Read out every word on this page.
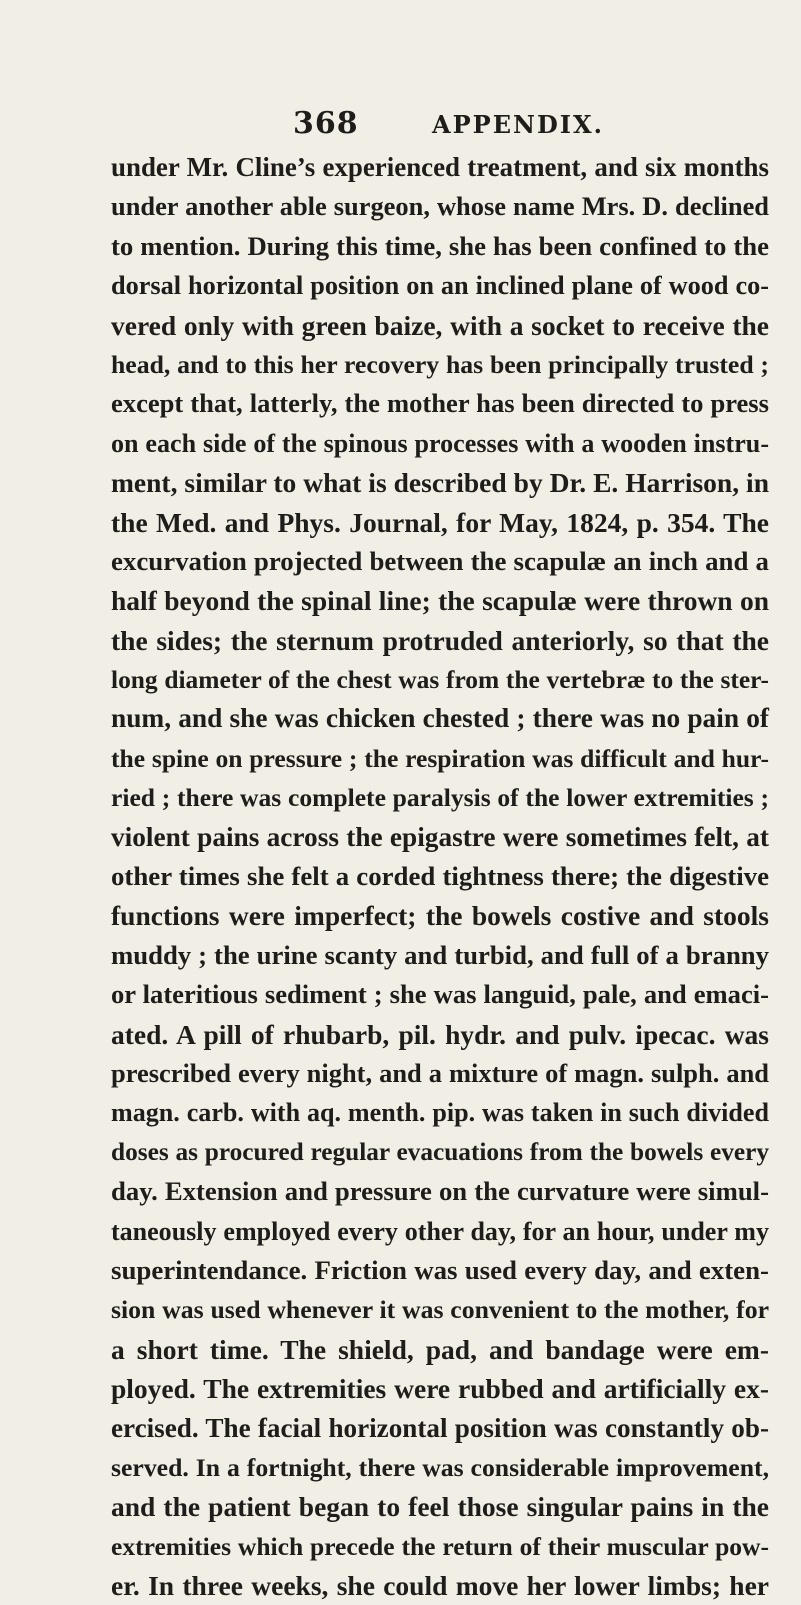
368	APPENDIX.
under Mr. Cline’s experienced treatment, and six months
under another able surgeon, whose name Mrs. D. declined
to mention. During this time, she has been confined to the
dorsal horizontal position on an inclined plane of wood co-
vered only with green baize, with a socket to receive the
head, and to this her recovery has been principally trusted ;
except that, latterly, the mother has been directed to press
on each side of the spinous processes with a wooden instru-
ment, similar to what is described by Dr. E. Harrison, in
the Med. and Phys. Journal, for May, 1824, p. 354. The
excurvation projected between the scapulæ an inch and a
half beyond the spinal line; the scapulæ were thrown on
the sides; the sternum protruded anteriorly, so that the
long diameter of the chest was from the vertebræ to the ster-
num, and she was chicken chested ; there was no pain of
the spine on pressure ; the respiration was difficult and hur-
ried ; there was complete paralysis of the lower extremities ;
violent pains across the epigastre were sometimes felt, at
other times she felt a corded tightness there; the digestive
functions were imperfect; the bowels costive and stools
muddy ; the urine scanty and turbid, and full of a branny
or lateritious sediment ; she was languid, pale, and emaci-
ated. A pill of rhubarb, pil. hydr. and pulv. ipecac. was
prescribed every night, and a mixture of magn. sulph. and
magn. carb. with aq. menth. pip. was taken in such divided
doses as procured regular evacuations from the bowels every
day. Extension and pressure on the curvature were simul-
taneously employed every other day, for an hour, under my
superintendance. Friction was used every day, and exten-
sion was used whenever it was convenient to the mother, for
a short time. The shield, pad, and bandage were em-
ployed. The extremities were rubbed and artificially ex-
ercised. The facial horizontal position was constantly ob-
served. In a fortnight, there was considerable improvement,
and the patient began to feel those singular pains in the
extremities which precede the return of their muscular pow-
er. In three weeks, she could move her lower limbs; her
